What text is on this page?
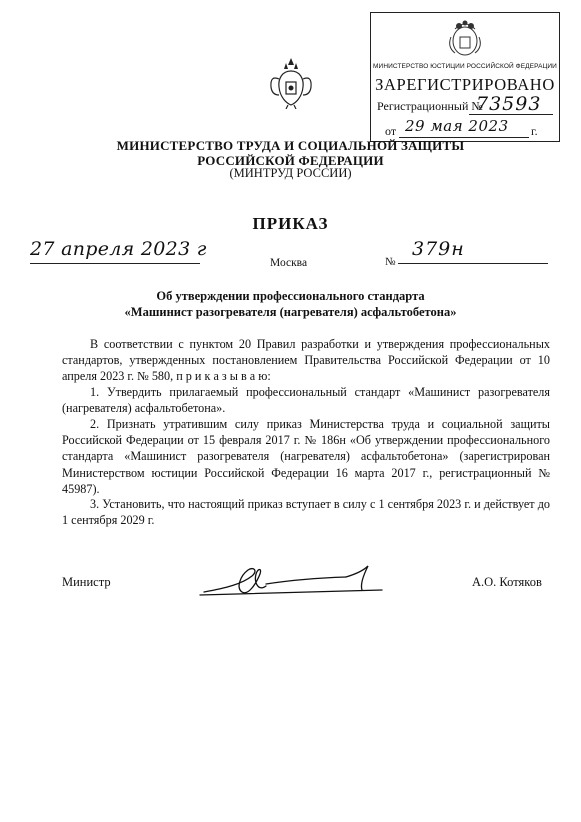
МИНИСТЕРСТВО ЮСТИЦИИ РОССИЙСКОЙ ФЕДЕРАЦИИ
ЗАРЕГИСТРИРОВАНО
Регистрационный №
73593
от 29 мая 2023 г.
МИНИСТЕРСТВО ТРУДА И СОЦИАЛЬНОЙ ЗАЩИТЫ
РОССИЙСКОЙ ФЕДЕРАЦИИ
(МИНТРУД РОССИИ)
ПРИКАЗ
27 апреля 2023 г
Москва	№
379н
Об утверждении профессионального стандарта
«Машинист разогревателя (нагревателя) асфальтобетона»
В соответствии с пунктом 20 Правил разработки и утверждения профессиональных стандартов, утвержденных постановлением Правительства Российской Федерации от 10 апреля 2023 г. № 580, п р и к а з ы в а ю:
1. Утвердить прилагаемый профессиональный стандарт «Машинист разогревателя (нагревателя) асфальтобетона».
2. Признать утратившим силу приказ Министерства труда и социальной защиты Российской Федерации от 15 февраля 2017 г. № 186н «Об утверждении профессионального стандарта «Машинист разогревателя (нагревателя) асфальтобетона» (зарегистрирован Министерством юстиции Российской Федерации 16 марта 2017 г., регистрационный № 45987).
3. Установить, что настоящий приказ вступает в силу с 1 сентября 2023 г. и действует до 1 сентября 2029 г.
Министр	А.О. Котяков
